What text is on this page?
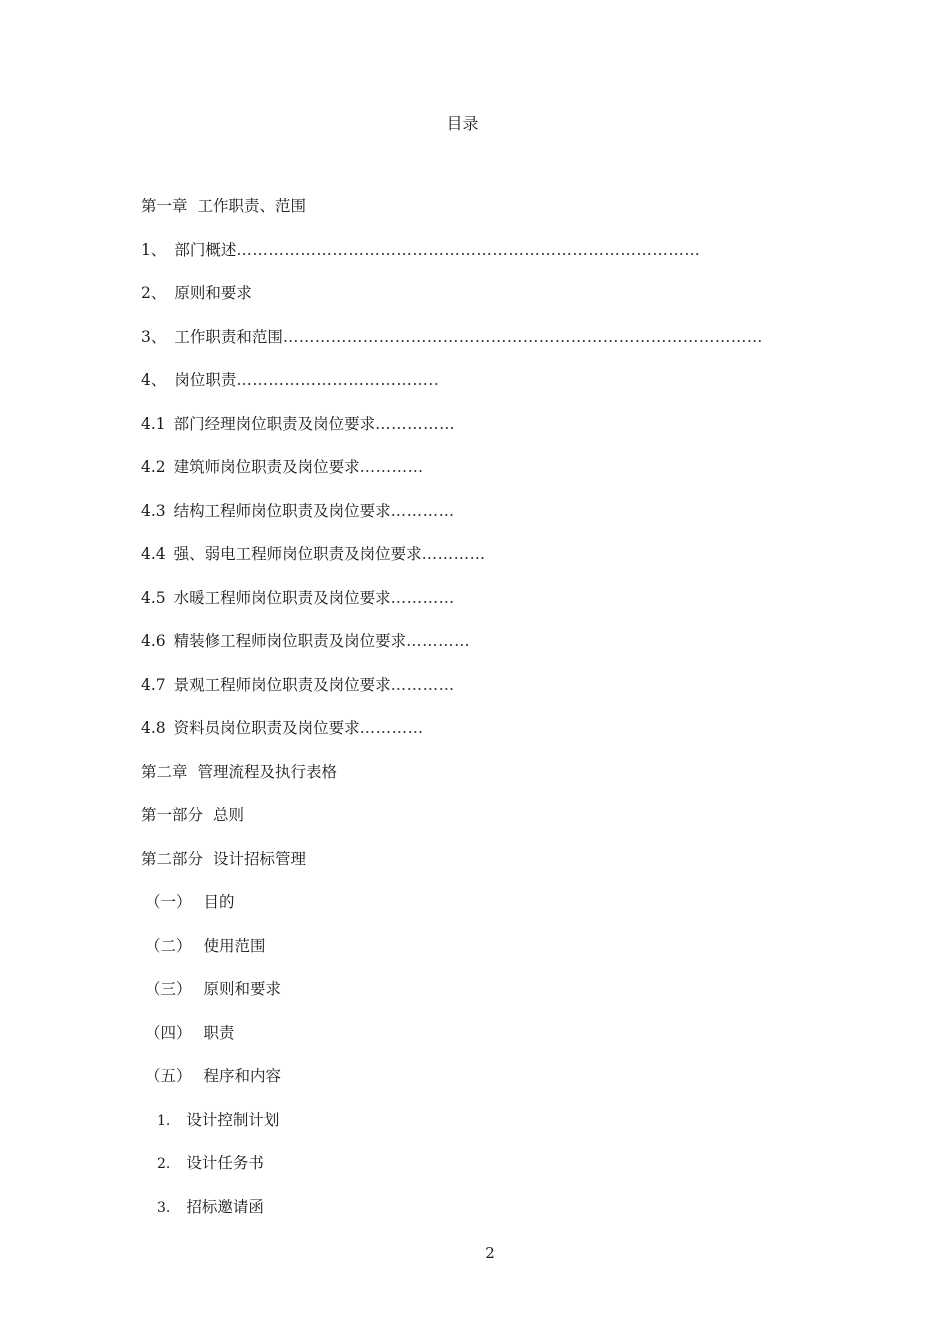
目录
第一章 工作职责、范围
1、 部门概述……………………………………………………………………………
2、 原则和要求
3、 工作职责和范围………………………………………………………………………………
4、 岗位职责………………………………..
4.1 部门经理岗位职责及岗位要求……………
4.2 建筑师岗位职责及岗位要求…………
4.3 结构工程师岗位职责及岗位要求…………
4.4 强、弱电工程师岗位职责及岗位要求…………
4.5 水暖工程师岗位职责及岗位要求…………
4.6 精装修工程师岗位职责及岗位要求…………
4.7 景观工程师岗位职责及岗位要求…………
4.8 资料员岗位职责及岗位要求…………
第二章 管理流程及执行表格
第一部分 总则
第二部分 设计招标管理
（一） 目的
（二） 使用范围
（三） 原则和要求
（四） 职责
（五） 程序和内容
1. 设计控制计划
2. 设计任务书
3. 招标邀请函
2
